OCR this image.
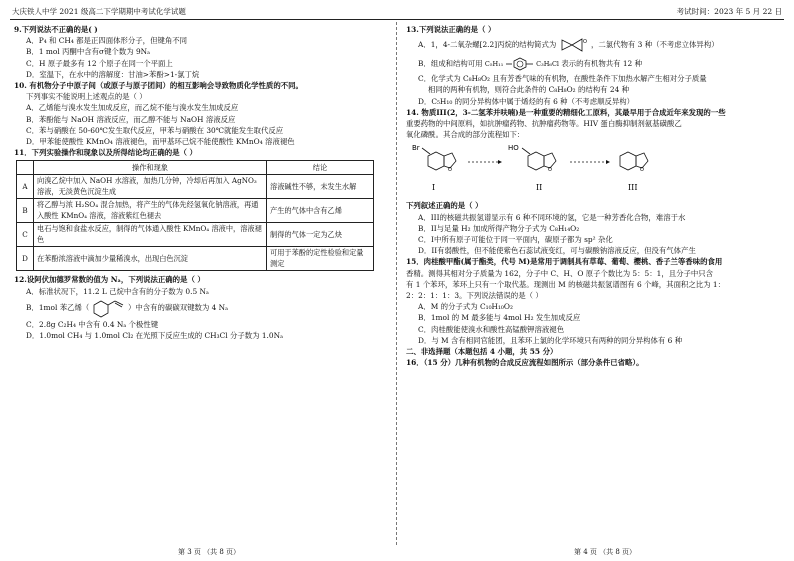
大庆铁人中学 2021 级高二下学期期中考试化学试题	考试时间：2023 年 5 月 22 日
9.下列说法不正确的是( )
A．P₄ 和 CH₄ 都是正四面体形分子，但键角不同
B．1 mol 丙酮中含有σ键个数为 9Nₐ
C．H 原子最多有 12 个原子在同一个平面上
D．室温下，在水中的溶解度：甘油>苯酚>1-氯丁烷
10. 有机物分子中原子间（或原子与原子团间）的相互影响会导致物质化学性质的不同。
下列事实不能说明上述观点的是（ ）
A．乙烯能与溴水发生加成反应，而乙烷不能与溴水发生加成反应
B．苯酚能与 NaOH 溶液反应，而乙醇不能与 NaOH 溶液反应
C．苯与硝酸在 50-60℃发生取代反应，甲苯与硝酸在 30℃就能发生取代反应
D．甲苯能使酸性 KMnO₄ 溶液褪色，而甲基环己烷不能使酸性 KMnO₄ 溶液褪色
11．下列实验操作和现象以及所得结论均正确的是（ ）
	操作和现象	结论
A	向溴乙烷中加入 NaOH 水溶液，加热几分钟，冷却后再加入 AgNO₃ 溶液，无淡黄色沉淀生成	溶液碱性不够，未发生水解
B	将乙醇与浓 H₂SO₄ 混合加热，将产生的气体先经氢氧化钠溶液，再通入酸性 KMnO₄ 溶液，溶液紫红色褪去	产生的气体中含有乙烯
C	电石与饱和食盐水反应，制得的气体通入酸性 KMnO₄ 溶液中，溶液褪色	制得的气体一定为乙炔
D	在苯酚浓溶液中滴加少量稀溴水，出现白色沉淀	可用于苯酚的定性检验和定量测定
12.设阿伏加德罗常数的值为 Nₐ，下列说法正确的是（ ）
A．标准状况下，11.2 L 己烷中含有的分子数为 0.5 Nₐ
B．1mol 苯乙烯（	）中含有的碳碳双键数为 4 Nₐ
C．2.8g C₂H₄ 中含有 0.4 Nₐ 个极性键
D．1.0mol CH₄ 与 1.0mol Cl₂ 在光照下反应生成的 CH₃Cl 分子数为 1.0Nₐ
第 3 页 （共 8 页）
13.下列说法正确的是（ ）
A．1，4-二氧杂螺[2.2]丙烷的结构简式为	O ，二氯代物有 3 种（不考虑立体异构）
B．组成和结构可用 C₅H₁₁	C₃H₆Cl 表示的有机物共有 12 种
C．化学式为 C₈H₈O₂ 且有芳香气味的有机物，在酸性条件下加热水解产生相对分子质量
相同的两种有机物，则符合此条件的 C₈H₈O₂ 的结构有 24 种
D．C₅H₁₀ 的同分异构体中属于烯烃的有 6 种（不考虑顺反异构）
14. 物质III(2，3-二氢苯并呋喃)是一种重要的精细化工原料，其最早用于合成近年来发现的一些
重要药物的中间原料，如抗肿瘤药物、抗肿瘤药物等。HIV 蛋白酶抑制剂氨基磺酸乙
氧化磷酰。其合成的部分流程如下：
Br
O
I
HO
O
II
O
III
下列叙述正确的是（ ）
A．III的核磁共振氢谱显示有 6 种不同环境的氢，它是一种芳香化合物，难溶于水
B．II与足量 H₂ 加成所得产物分子式为 C₈H₁₄O₂
C．I中所有原子可能位于同一平面内，碳原子都为 sp² 杂化
D．II有弱酸性，但不能使紫色石蕊试液变红，可与碳酸钠溶液反应，但没有气体产生
15．肉桂酸甲酯(属于酯类，代号 M)是常用于调制具有草莓、葡萄、樱桃、香子兰等香味的食用
香精。测得其相对分子质量为 162，分子中 C、H、O 原子个数比为 5：5：1，且分子中只含
有 1 个苯环，苯环上只有一个取代基。现测出 M 的核磁共振氢谱图有 6 个峰，其面积之比为 1：
2：2：1：1：3。下列说法错误的是（ ）
A．M 的分子式为 C₁₀H₁₀O₂
B．1mol 的 M 最多能与 4mol H₂ 发生加成反应
C．肉桂酸能使溴水和酸性高锰酸钾溶液褪色
D．与 M 含有相同官能团，且苯环上氯的化学环境只有两种的同分异构体有 6 种
二、非选择题（本题包括 4 小题，共 55 分）
16．（15 分）几种有机物的合成反应流程如图所示（部分条件已省略）。
第 4 页 （共 8 页）
